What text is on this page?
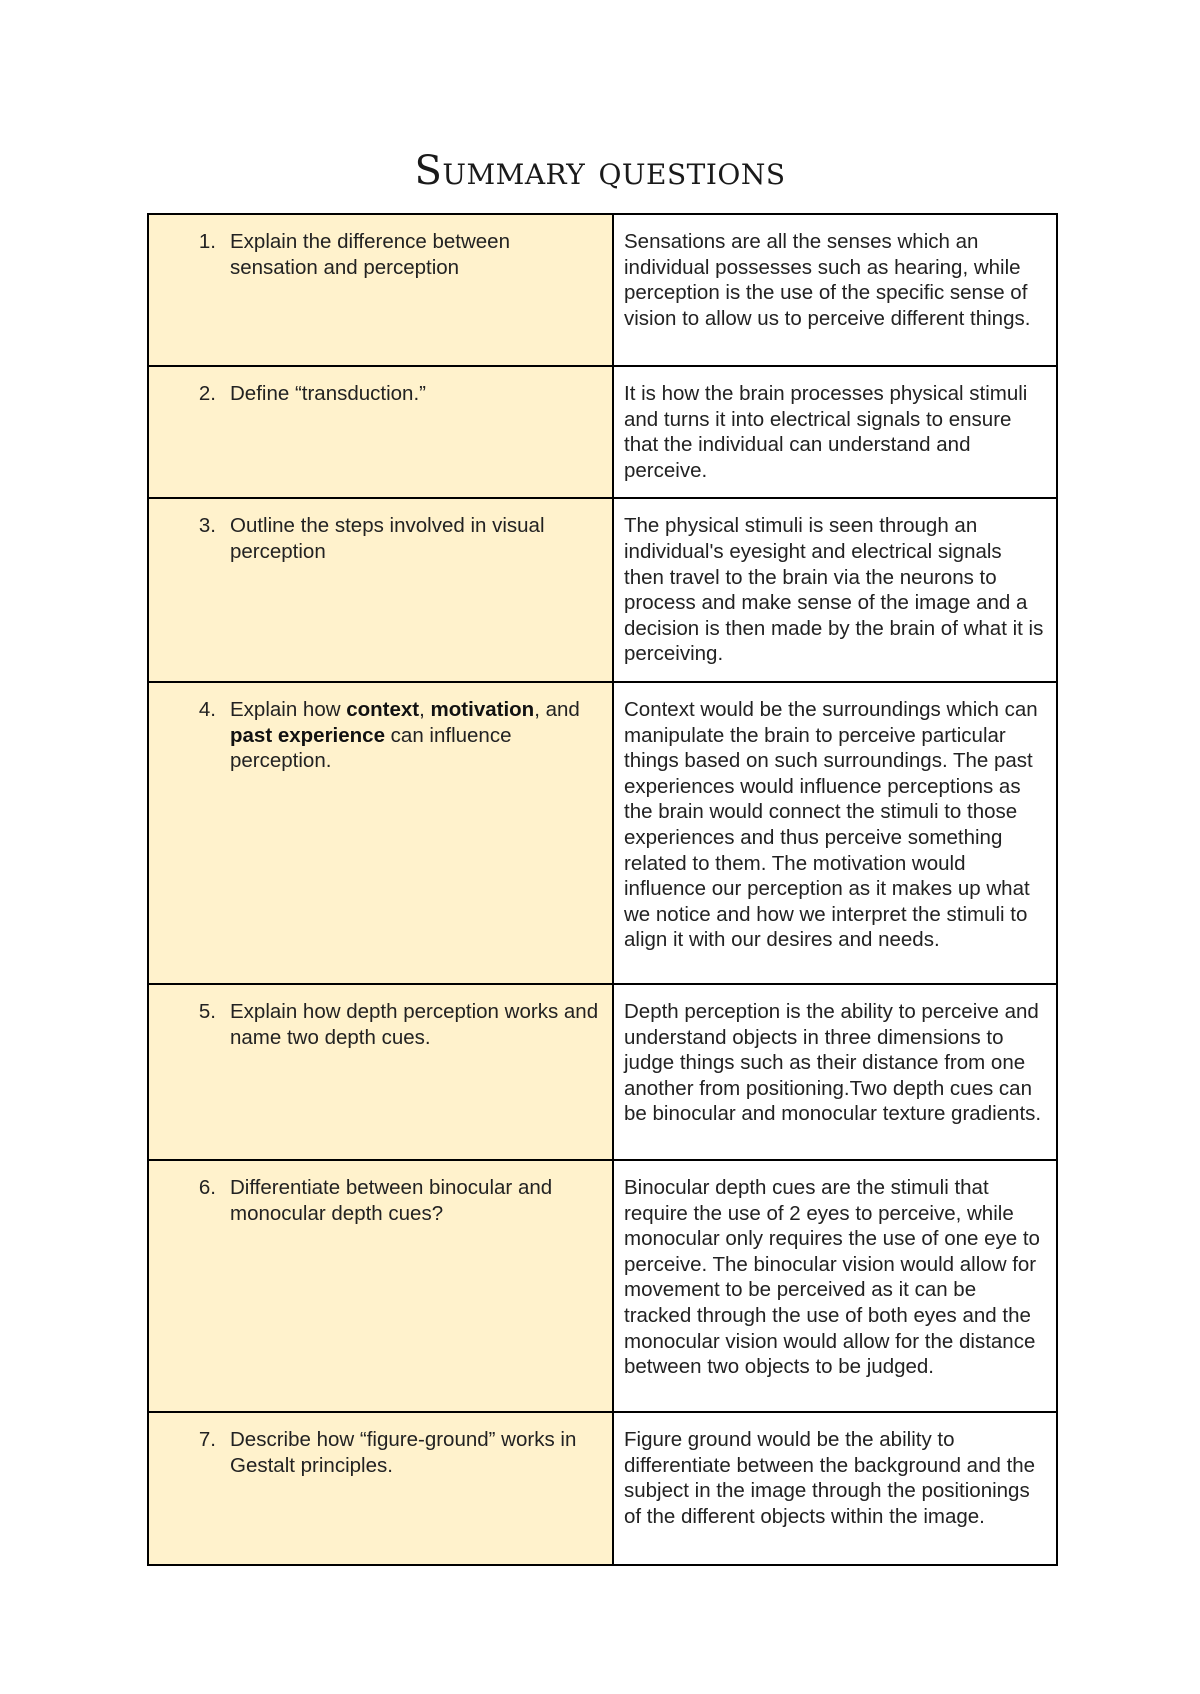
Summary questions
1. Explain the difference between sensation and perception	Sensations are all the senses which an individual possesses such as hearing, while perception is the use of the specific sense of vision to allow us to perceive different things.

2. Define “transduction.”	It is how the brain processes physical stimuli and turns it into electrical signals to ensure that the individual can understand and perceive.

3. Outline the steps involved in visual perception	The physical stimuli is seen through an individual's eyesight and electrical signals then travel to the brain via the neurons to process and make sense of the image and a decision is then made by the brain of what it is perceiving.

4. Explain how context, motivation, and past experience can influence perception.	Context would be the surroundings which can manipulate the brain to perceive particular things based on such surroundings. The past experiences would influence perceptions as the brain would connect the stimuli to those experiences and thus perceive something related to them. The motivation would influence our perception as it makes up what we notice and how we interpret the stimuli to align it with our desires and needs.

5. Explain how depth perception works and name two depth cues.	Depth perception is the ability to perceive and understand objects in three dimensions to judge things such as their distance from one another from positioning.Two depth cues can be binocular and monocular texture gradients.

6. Differentiate between binocular and monocular depth cues?	Binocular depth cues are the stimuli that require the use of 2 eyes to perceive, while monocular only requires the use of one eye to perceive. The binocular vision would allow for movement to be perceived as it can be tracked through the use of both eyes and the monocular vision would allow for the distance between two objects to be judged.

7. Describe how “figure-ground” works in Gestalt principles.	Figure ground would be the ability to differentiate between the background and the subject in the image through the positionings of the different objects within the image.
